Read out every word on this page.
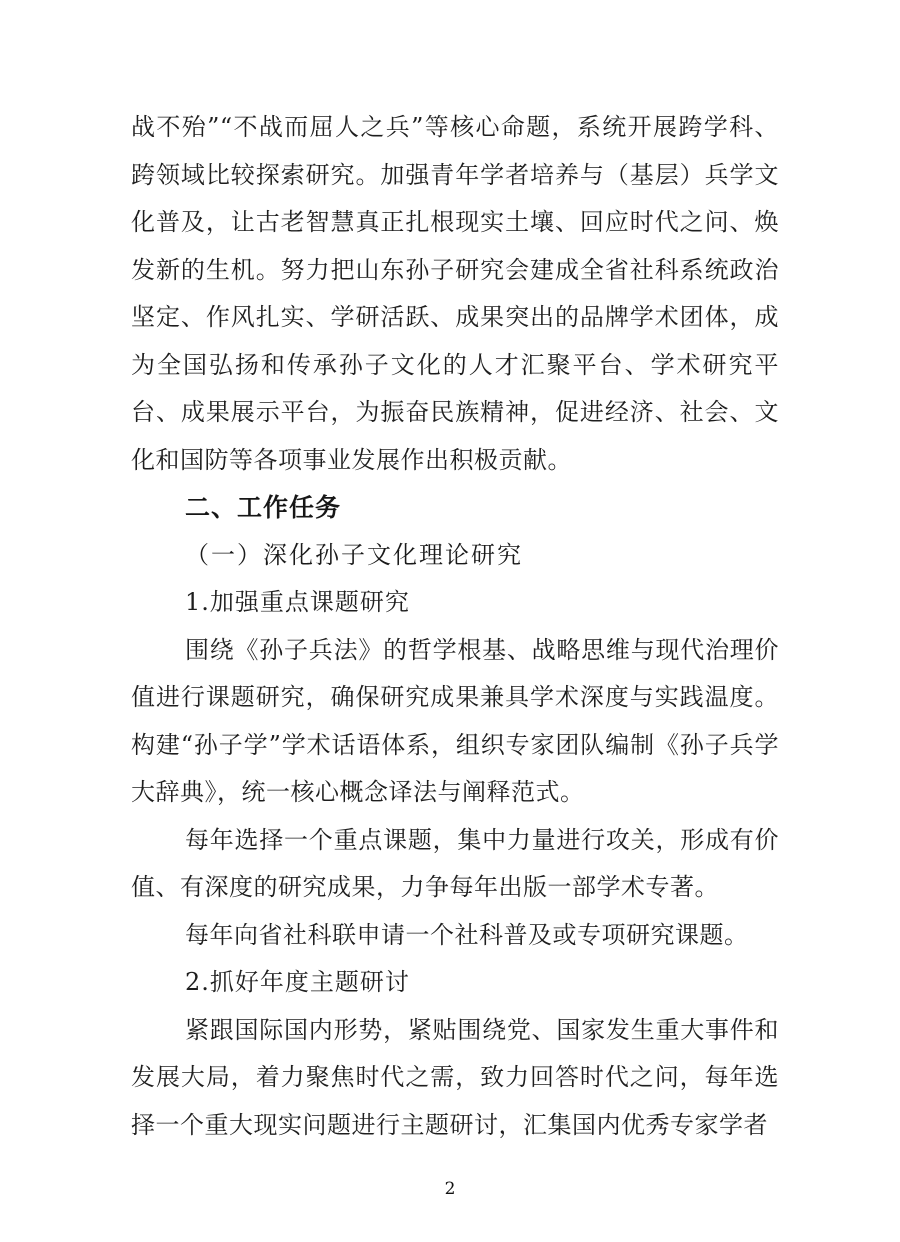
战不殆”“不战而屈人之兵”等核心命题，系统开展跨学科、跨领域比较探索研究。加强青年学者培养与（基层）兵学文化普及，让古老智慧真正扎根现实土壤、回应时代之问、焕发新的生机。努力把山东孙子研究会建成全省社科系统政治坚定、作风扎实、学研活跃、成果突出的品牌学术团体，成为全国弘扬和传承孙子文化的人才汇聚平台、学术研究平台、成果展示平台，为振奋民族精神，促进经济、社会、文化和国防等各项事业发展作出积极贡献。

二、工作任务

（一）深化孙子文化理论研究

1.加强重点课题研究

围绕《孙子兵法》的哲学根基、战略思维与现代治理价值进行课题研究，确保研究成果兼具学术深度与实践温度。构建“孙子学”学术话语体系，组织专家团队编制《孙子兵学大辞典》，统一核心概念译法与阐释范式。

每年选择一个重点课题，集中力量进行攻关，形成有价值、有深度的研究成果，力争每年出版一部学术专著。

每年向省社科联申请一个社科普及或专项研究课题。

2.抓好年度主题研讨

紧跟国际国内形势，紧贴围绕党、国家发生重大事件和发展大局，着力聚焦时代之需，致力回答时代之问，每年选择一个重大现实问题进行主题研讨，汇集国内优秀专家学者

2
